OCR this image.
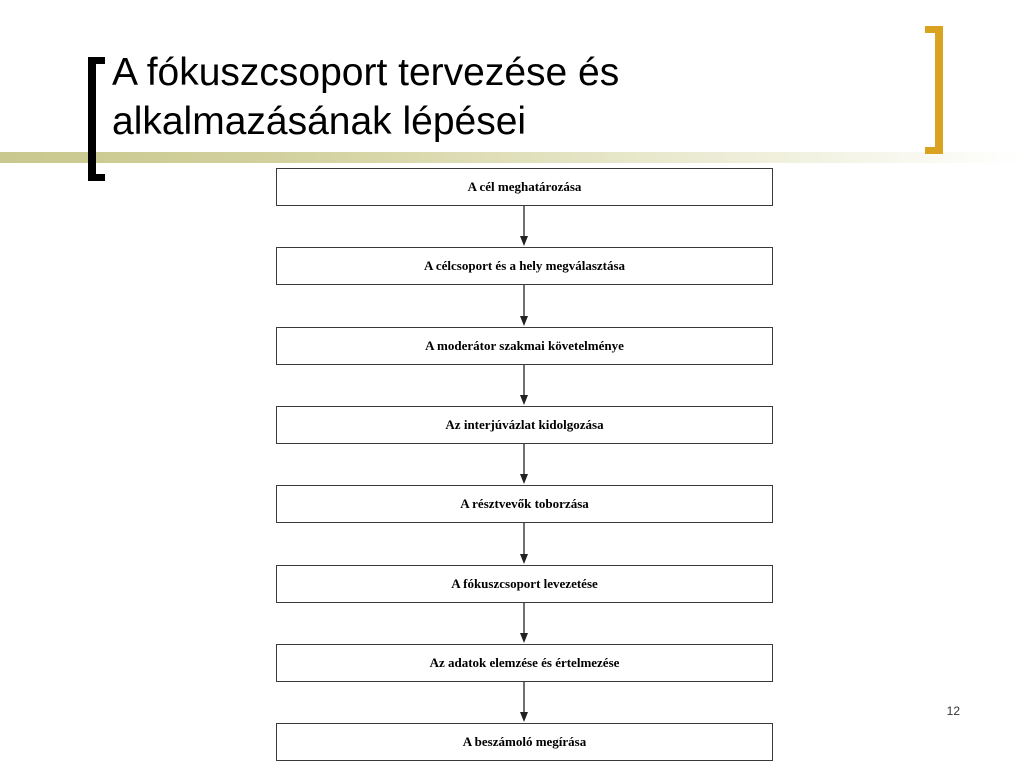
A fókuszcsoport tervezése és
alkalmazásának lépései
A cél meghatározása
A célcsoport és a hely megválasztása
A moderátor szakmai követelménye
Az interjúvázlat kidolgozása
A résztvevők toborzása
A fókuszcsoport levezetése
Az adatok elemzése és értelmezése
A beszámoló megírása
12
